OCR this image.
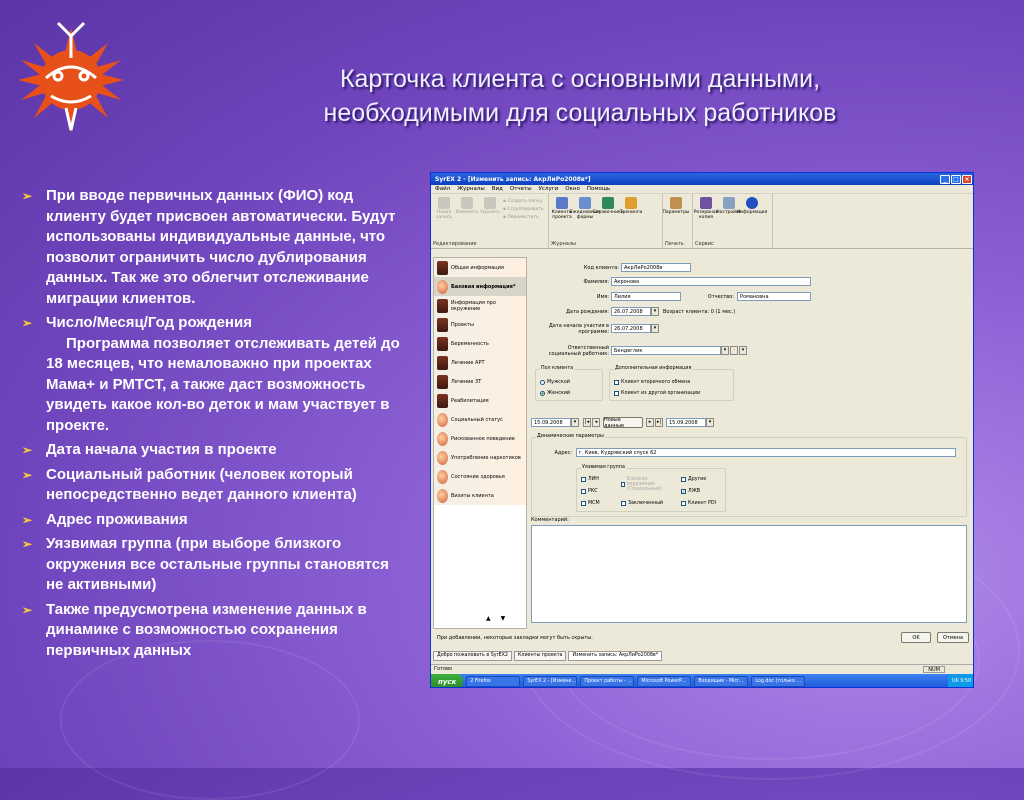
Карточка клиента с основными данными,
необходимыми для социальных работников
➢ При вводе первичных данных (ФИО) код клиенту будет присвоен автоматически. Будут использованы индивидуальные данные, что позволит ограничить число дублирования данных. Так же это облегчит отслеживание миграции клиентов.
➢ Число/Месяц/Год рождения
Программа позволяет отслеживать детей до 18 месяцев, что немаловажно при проектах Мама+ и РМТСТ, а также даст возможность увидеть какое кол-во деток и мам участвует в проекте.
➢ Дата начала участия в проекте
➢ Социальный работник (человек который непосредственно ведет данного клиента)
➢ Адрес проживания
➢ Уязвимая группа (при выборе близкого окружения все остальные группы становятся не активными)
➢ Также предусмотрена изменение данных в динамике с возможностью сохранения первичных данных
SyrEX 2 - [Изменить запись: АкрЛиРо2008в*]	_	□ ×
Файл Журналы Вид Отчеты Услуги Окно Помощь
Новая запись
Изменить Удалить
▪ Создать папку
▪ Сгруппировать
▪ Переместить
Редактирование
Клиенты проекта
Ежедневные формы
Справочники
Тренинги
Журналы
Параметры
Печать
Резервная копия
Настройки
Информация
Сервис
Общая информация
Базовая информация*
Информация про окружение
Проекты
Беременность
Лечение АРТ
Лечение ЗТ
Реабилитация
Социальный статус
Рискованное поведение
Употребление наркотиков
Состояние здоровья
Визиты клиента
▲ ▼
Код клиента:	АкрЛиРо2008в
Фамилия:	Акронова
Имя:	Лилия	Отчество:	Романовна
Дата рождения:	26.07.2008	▾	Возраст клиента: 0 (1 мес.)
Дата начала участия в программе:	26.07.2008	▾
Ответственный социальный работник:	Бендеглик	▾	·	▾
Пол клиента
Мужской
Женский
Дополнительная информация
Клиент вторичного обмена
Клиент из другой организации
15.09.2008	▾	|◂	◂	Новые данные
▸	▸|	15.09.2008	▾
Динамические параметры
Адрес:	г. Киев, Кудрявский спуск 62
Уязвимая группа
ЛИН	Близкое окружение (Социальный)
Другие
РКС	✓ ЛЖВ
МСМ	Заключенный	Клиент PDI
Комментарий:
При добавлении, некоторые закладки могут быть скрыты.	OK	Отмена
Добро пожаловать в SyrEX2	Клиенты проекта	Изменить запись: АкрЛиРо2008в*
Готово	NUM
пуск	2 Firefox	SyrEX 2 - [Измене...	Проект работы - ...	Microsoft PowerP...	Входящие - Micr...	Log.doc (только ...	UK
9:50
